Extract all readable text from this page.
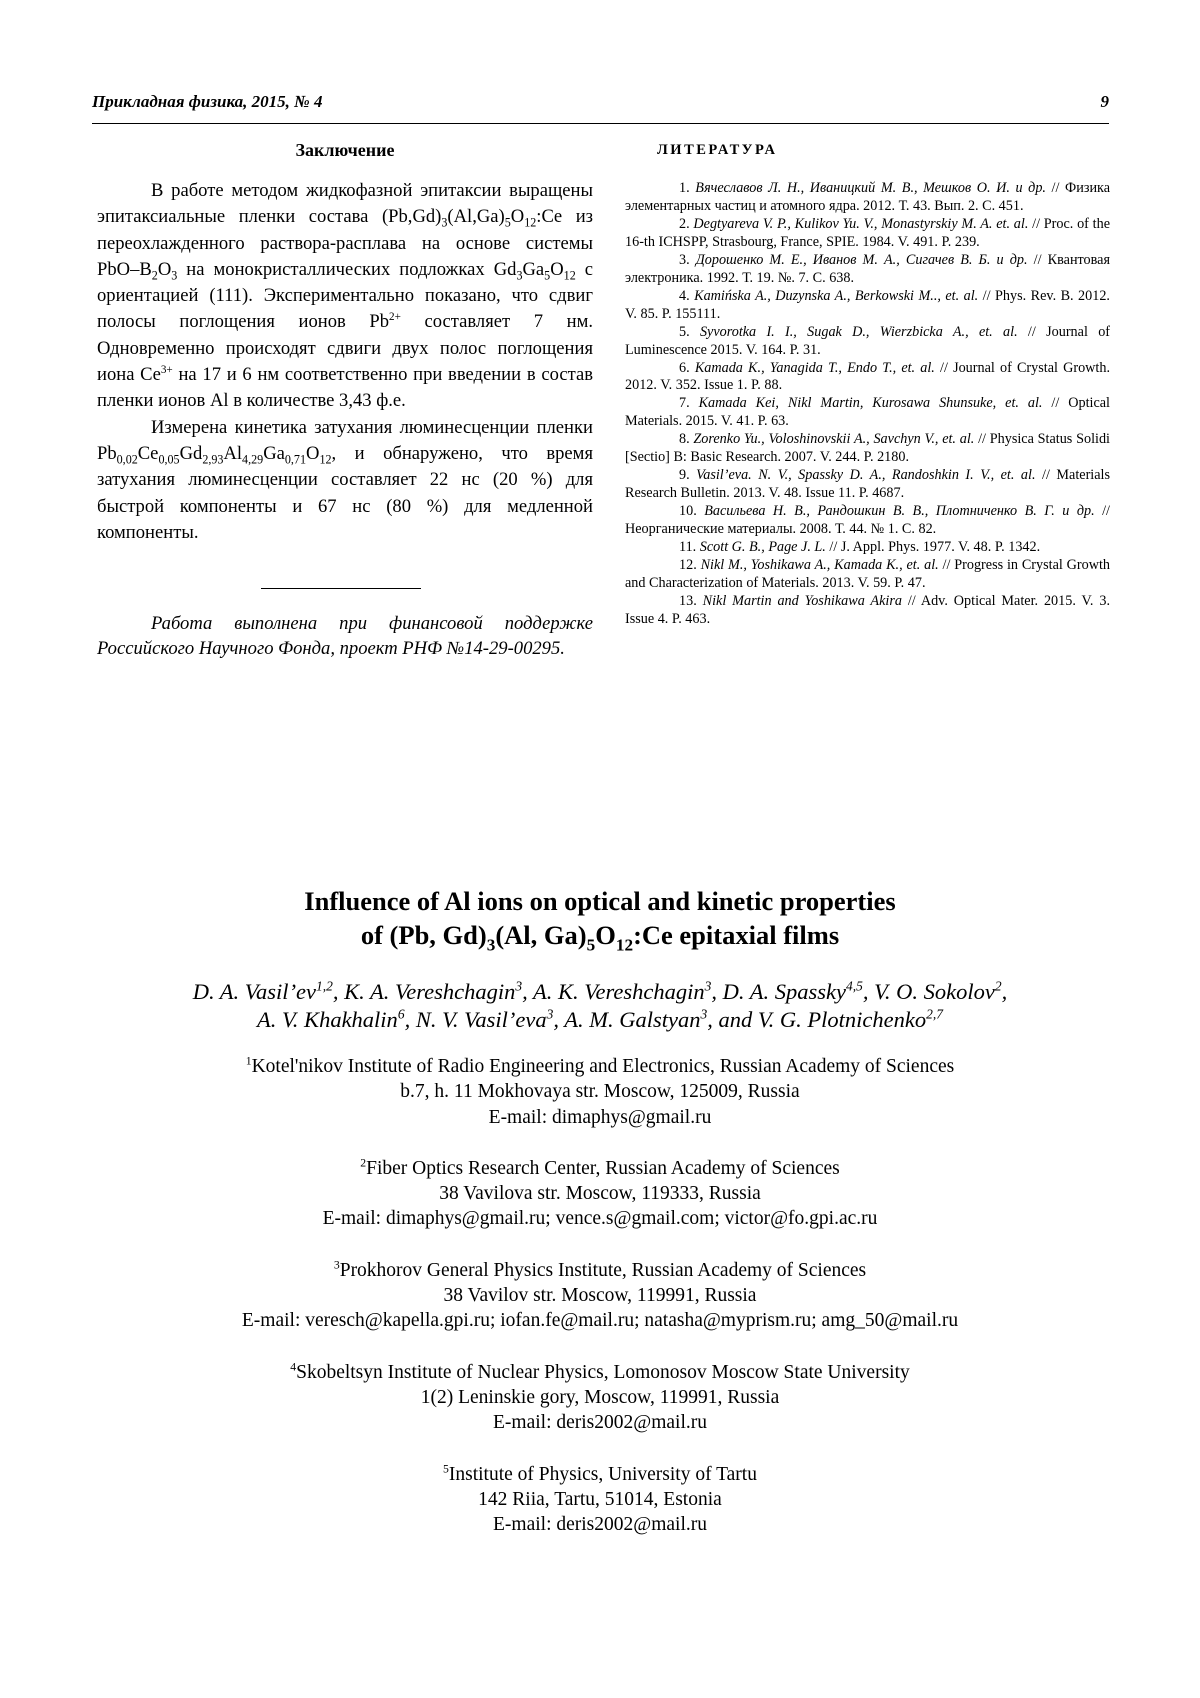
Прикладная физика, 2015, № 4	9

Заключение

В работе методом жидкофазной эпитаксии выращены эпитаксиальные пленки состава $(Pb,Gd)_3(Al,Ga)_5O_{12}:Ce$ из переохлажденного раствора-расплава на основе системы PbO–$B_2O_3$ на монокристаллических подложках $Gd_3Ga_5O_{12}$ с ориентацией (111). Экспериментально показано, что сдвиг полосы поглощения ионов $Pb^{2+}$ составляет 7 нм. Одновременно происходят сдвиги двух полос поглощения иона $Ce^{3+}$ на 17 и 6 нм соответственно при введении в состав пленки ионов Al в количестве 3,43 ф.е.

Измерена кинетика затухания люминесценции пленки $Pb_{0,02}Ce_{0,05}Gd_{2,93}Al_{4,29}Ga_{0,71}O_{12}$, и обнаружено, что время затухания люминесценции составляет 22 нс (20 %) для быстрой компоненты и 67 нс (80 %) для медленной компоненты.

Работа выполнена при финансовой поддержке Российского Научного Фонда, проект РНФ №14-29-00295.

ЛИТЕРАТУРА

1. Вячеславов Л. Н., Иваницкий М. В., Мешков О. И. и др. // Физика элементарных частиц и атомного ядра. 2012. Т. 43. Вып. 2. С. 451.

2. Degtyareva V. P., Kulikov Yu. V., Monastyrskiy M. A. et. al. // Proc. of the 16-th ICHSPP, Strasbourg, France, SPIE. 1984. V. 491. P. 239.

3. Дорошенко М. Е., Иванов М. А., Сигачев В. Б. и др. // Квантовая электроника. 1992. Т. 19. №. 7. С. 638.

4. Kamińska A., Duzynska A., Berkowski M.., et. al. // Phys. Rev. B. 2012. V. 85. P. 155111.

5. Syvorotka I. I., Sugak D., Wierzbicka A., et. al. // Journal of Luminescence 2015. V. 164. P. 31.

6. Kamada K., Yanagida T., Endo T., et. al. // Journal of Crystal Growth. 2012. V. 352. Issue 1. P. 88.

7. Kamada Kei, Nikl Martin, Kurosawa Shunsuke, et. al. // Optical Materials. 2015. V. 41. P. 63.

8. Zorenko Yu., Voloshinovskii A., Savchyn V., et. al. // Physica Status Solidi [Sectio] B: Basic Research. 2007. V. 244. P. 2180.

9. Vasil’eva. N. V., Spassky D. A., Randoshkin I. V., et. al. // Materials Research Bulletin. 2013. V. 48. Issue 11. P. 4687.

10. Васильева Н. В., Рандошкин В. В., Плотниченко В. Г. и др. // Неорганические материалы. 2008. Т. 44. № 1. С. 82.

11. Scott G. B., Page J. L. // J. Appl. Phys. 1977. V. 48. P. 1342.

12. Nikl M., Yoshikawa A., Kamada K., et. al. // Progress in Crystal Growth and Characterization of Materials. 2013. V. 59. P. 47.

13. Nikl Martin and Yoshikawa Akira // Adv. Optical Mater. 2015. V. 3. Issue 4. P. 463.

Influence of Al ions on optical and kinetic properties
of (Pb, $Gd)_3(Al$, $Ga)_5O_{12}:Ce$ epitaxial films

D. A. Vasil’ev$^{1,2}$, K. A. Vereshchagin$^3$, A. K. Vereshchagin$^3$, D. A. Spassky$^{4,5}$, V. O. Sokolov$^2$,
A. V. Khakhalin$^6$, N. V. Vasil’eva$^3$, A. M. Galstyan$^3$, and V. G. Plotnichenko$^{2,7}$

$^1$Kotel'nikov Institute of Radio Engineering and Electronics, Russian Academy of Sciences

b.7, h. 11 Mokhovaya str. Moscow, 125009, Russia

E-mail: dimaphys@gmail.ru

$^2$Fiber Optics Research Center, Russian Academy of Sciences

38 Vavilova str. Moscow, 119333, Russia

E-mail: dimaphys@gmail.ru; vence.s@gmail.com; victor@fo.gpi.ac.ru

$^3$Prokhorov General Physics Institute, Russian Academy of Sciences

38 Vavilov str. Moscow, 119991, Russia

E-mail: veresch@kapella.gpi.ru; iofan.fe@mail.ru; natasha@myprism.ru; amg_50@mail.ru

$^4$Skobeltsyn Institute of Nuclear Physics, Lomonosov Moscow State University

1(2) Leninskie gory, Moscow, 119991, Russia

E-mail: deris2002@mail.ru

$^5$Institute of Physics, University of Tartu

142 Riia, Tartu, 51014, Estonia

E-mail: deris2002@mail.ru
